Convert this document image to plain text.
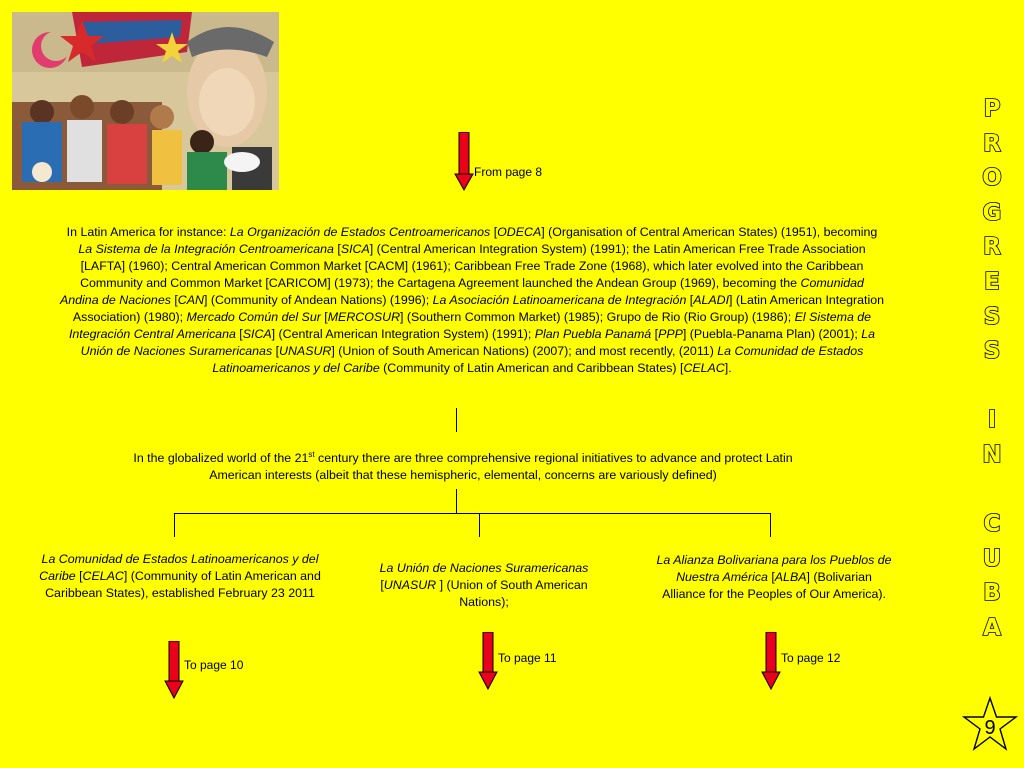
From page 8
In Latin America for instance: La Organización de Estados Centroamericanos [ODECA] (Organisation of Central American States) (1951), becoming La Sistema de la Integración Centroamericana [SICA] (Central American Integration System) (1991); the Latin American Free Trade Association [LAFTA] (1960); Central American Common Market [CACM] (1961); Caribbean Free Trade Zone (1968), which later evolved into the Caribbean Community and Common Market [CARICOM] (1973); the Cartagena Agreement launched the Andean Group (1969), becoming the Comunidad Andina de Naciones [CAN] (Community of Andean Nations) (1996); La Asociación Latinoamericana de Integración [ALADI] (Latin American Integration Association) (1980); Mercado Común del Sur [MERCOSUR] (Southern Common Market) (1985); Grupo de Rio (Rio Group) (1986); El Sistema de Integración Central Americana [SICA] (Central American Integration System) (1991); Plan Puebla Panamá [PPP] (Puebla-Panama Plan) (2001); La Unión de Naciones Suramericanas [UNASUR] (Union of South American Nations) (2007); and most recently, (2011) La Comunidad de Estados Latinoamericanos y del Caribe (Community of Latin American and Caribbean States) [CELAC].
In the globalized world of the 21st century there are three comprehensive regional initiatives to advance and protect Latin American interests (albeit that these hemispheric, elemental, concerns are variously defined)
La Comunidad de Estados Latinoamericanos y del Caribe [CELAC] (Community of Latin American and Caribbean States), established February 23 2011
To page 10
La Unión de Naciones Suramericanas [UNASUR ] (Union of South American Nations);
To page 11
La Alianza Bolivariana para los Pueblos de Nuestra América [ALBA] (Bolivarian Alliance for the Peoples of Our America).
To page 12
P
R
O
G
R
E
S
S
I
N
C
U
B
A
9
